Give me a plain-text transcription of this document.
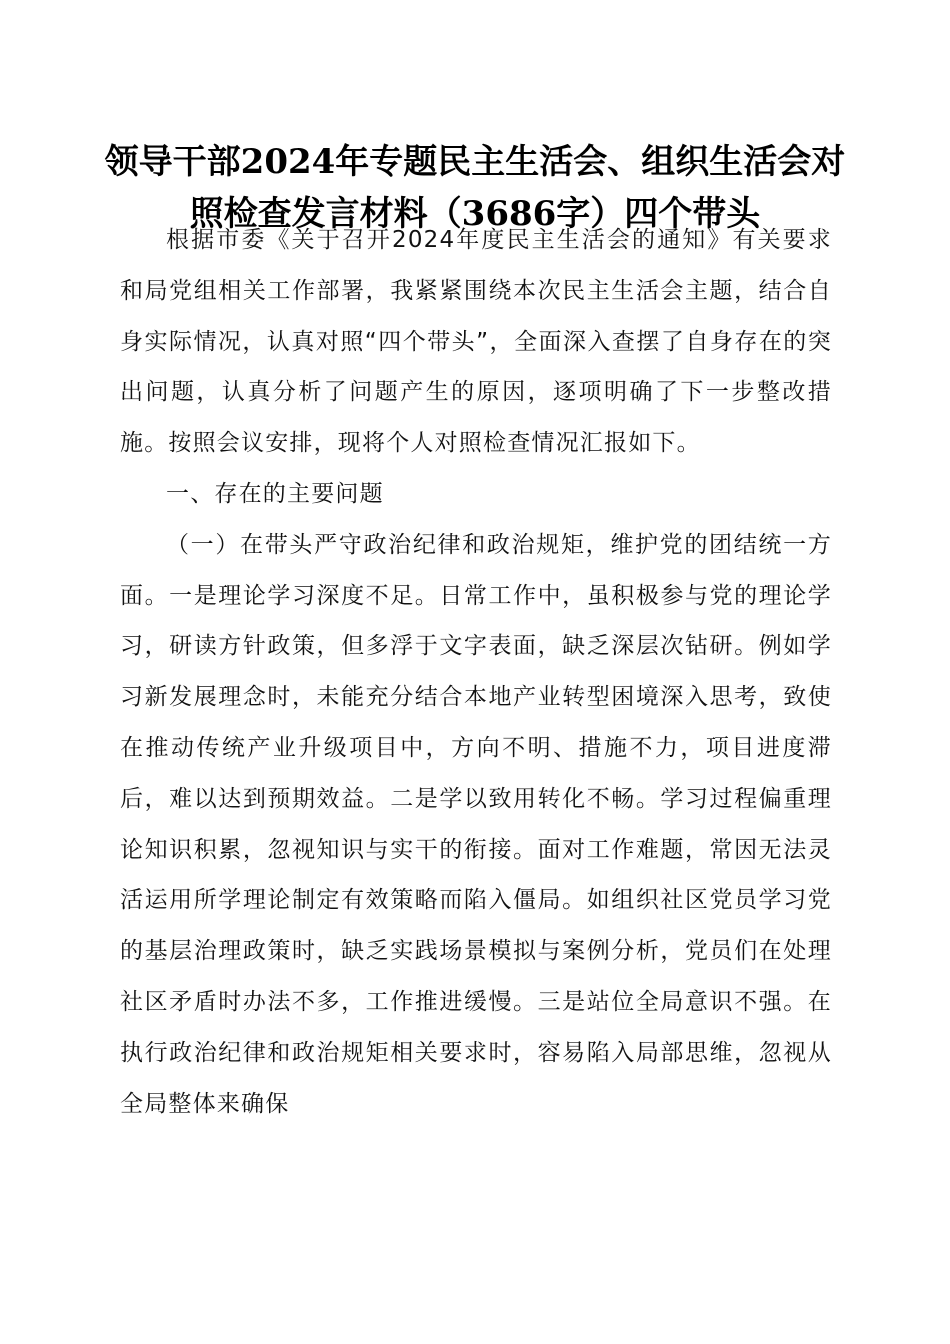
领导干部2024年专题民主生活会、组织生活会对照检查发言材料（3686字）四个带头

根据市委《关于召开2024年度民主生活会的通知》有关要求和局党组相关工作部署，我紧紧围绕本次民主生活会主题，结合自身实际情况，认真对照“四个带头”，全面深入查摆了自身存在的突出问题，认真分析了问题产生的原因，逐项明确了下一步整改措施。按照会议安排，现将个人对照检查情况汇报如下。

一、存在的主要问题

（一）在带头严守政治纪律和政治规矩，维护党的团结统一方面。一是理论学习深度不足。日常工作中，虽积极参与党的理论学习，研读方针政策，但多浮于文字表面，缺乏深层次钻研。例如学习新发展理念时，未能充分结合本地产业转型困境深入思考，致使在推动传统产业升级项目中，方向不明、措施不力，项目进度滞后，难以达到预期效益。二是学以致用转化不畅。学习过程偏重理论知识积累，忽视知识与实干的衔接。面对工作难题，常因无法灵活运用所学理论制定有效策略而陷入僵局。如组织社区党员学习党的基层治理政策时，缺乏实践场景模拟与案例分析，党员们在处理社区矛盾时办法不多，工作推进缓慢。三是站位全局意识不强。在执行政治纪律和政治规矩相关要求时，容易陷入局部思维，忽视从全局整体来确保
